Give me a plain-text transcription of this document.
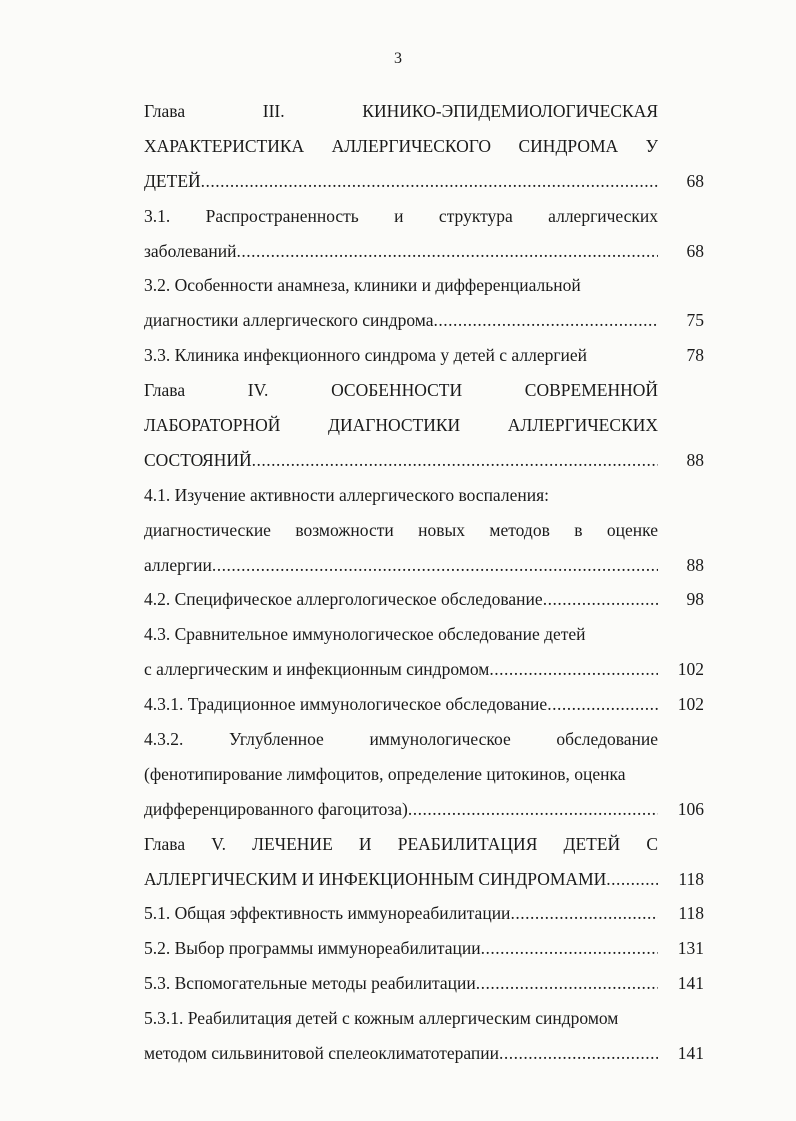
3
Глава III. КИНИКО-ЭПИДЕМИОЛОГИЧЕСКАЯ
ХАРАКТЕРИСТИКА АЛЛЕРГИЧЕСКОГО СИНДРОМА У
ДЕТЕЙ .....	68
3.1. Распространенность и структура аллергических
заболеваний .....	68
3.2. Особенности анамнеза, клиники и дифференциальной
диагностики аллергического синдрома .....	75
3.3. Клиника инфекционного синдрома у детей с аллергией	78
Глава IV. ОСОБЕННОСТИ СОВРЕМЕННОЙ
ЛАБОРАТОРНОЙ ДИАГНОСТИКИ АЛЛЕРГИЧЕСКИХ
СОСТОЯНИЙ .....	88
4.1. Изучение активности аллергического воспаления:
диагностические возможности новых методов в оценке
аллергии .....	88
4.2. Специфическое аллергологическое обследование .....	98
4.3. Сравнительное иммунологическое обследование детей
с аллергическим и инфекционным синдромом .....	102
4.3.1. Традиционное иммунологическое обследование .....	102
4.3.2. Углубленное иммунологическое обследование
(фенотипирование лимфоцитов, определение цитокинов, оценка
дифференцированного фагоцитоза) .....	106
Глава V. ЛЕЧЕНИЕ И РЕАБИЛИТАЦИЯ ДЕТЕЙ С
АЛЛЕРГИЧЕСКИМ И ИНФЕКЦИОННЫМ СИНДРОМАМИ .....	118
5.1. Общая эффективность иммунореабилитации .....	118
5.2. Выбор программы иммунореабилитации .....	131
5.3. Вспомогательные методы реабилитации .....	141
5.3.1. Реабилитация детей с кожным аллергическим синдромом
методом сильвинитовой спелеоклиматотерапии .....	141
